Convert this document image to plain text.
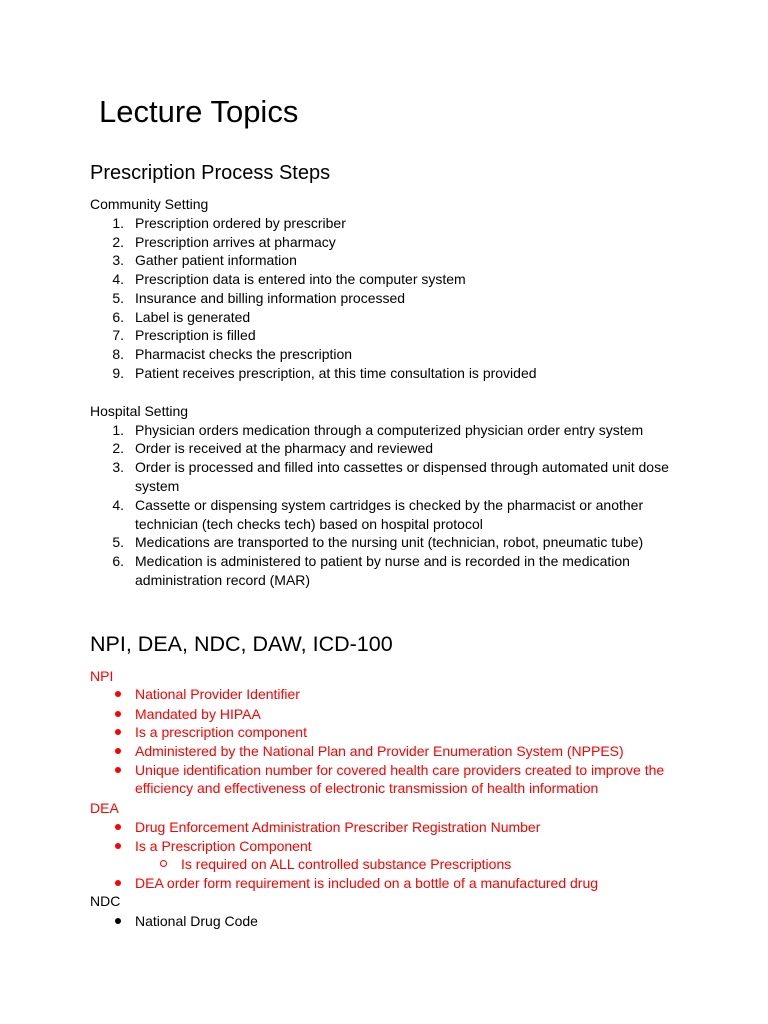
Lecture Topics
Prescription Process Steps
Community Setting
1. Prescription ordered by prescriber
2. Prescription arrives at pharmacy
3. Gather patient information
4. Prescription data is entered into the computer system
5. Insurance and billing information processed
6. Label is generated
7. Prescription is filled
8. Pharmacist checks the prescription
9. Patient receives prescription, at this time consultation is provided
Hospital Setting
1. Physician orders medication through a computerized physician order entry system
2. Order is received at the pharmacy and reviewed
3. Order is processed and filled into cassettes or dispensed through automated unit dose
system
4. Cassette or dispensing system cartridges is checked by the pharmacist or another
technician (tech checks tech) based on hospital protocol
5. Medications are transported to the nursing unit (technician, robot, pneumatic tube)
6. Medication is administered to patient by nurse and is recorded in the medication
administration record (MAR)
NPI, DEA, NDC, DAW, ICD-100
NPI
National Provider Identifier
Mandated by HIPAA
Is a prescription component
Administered by the National Plan and Provider Enumeration System (NPPES)
Unique identification number for covered health care providers created to improve the
efficiency and effectiveness of electronic transmission of health information
DEA
Drug Enforcement Administration Prescriber Registration Number
Is a Prescription Component
Is required on ALL controlled substance Prescriptions
DEA order form requirement is included on a bottle of a manufactured drug
NDC
National Drug Code
